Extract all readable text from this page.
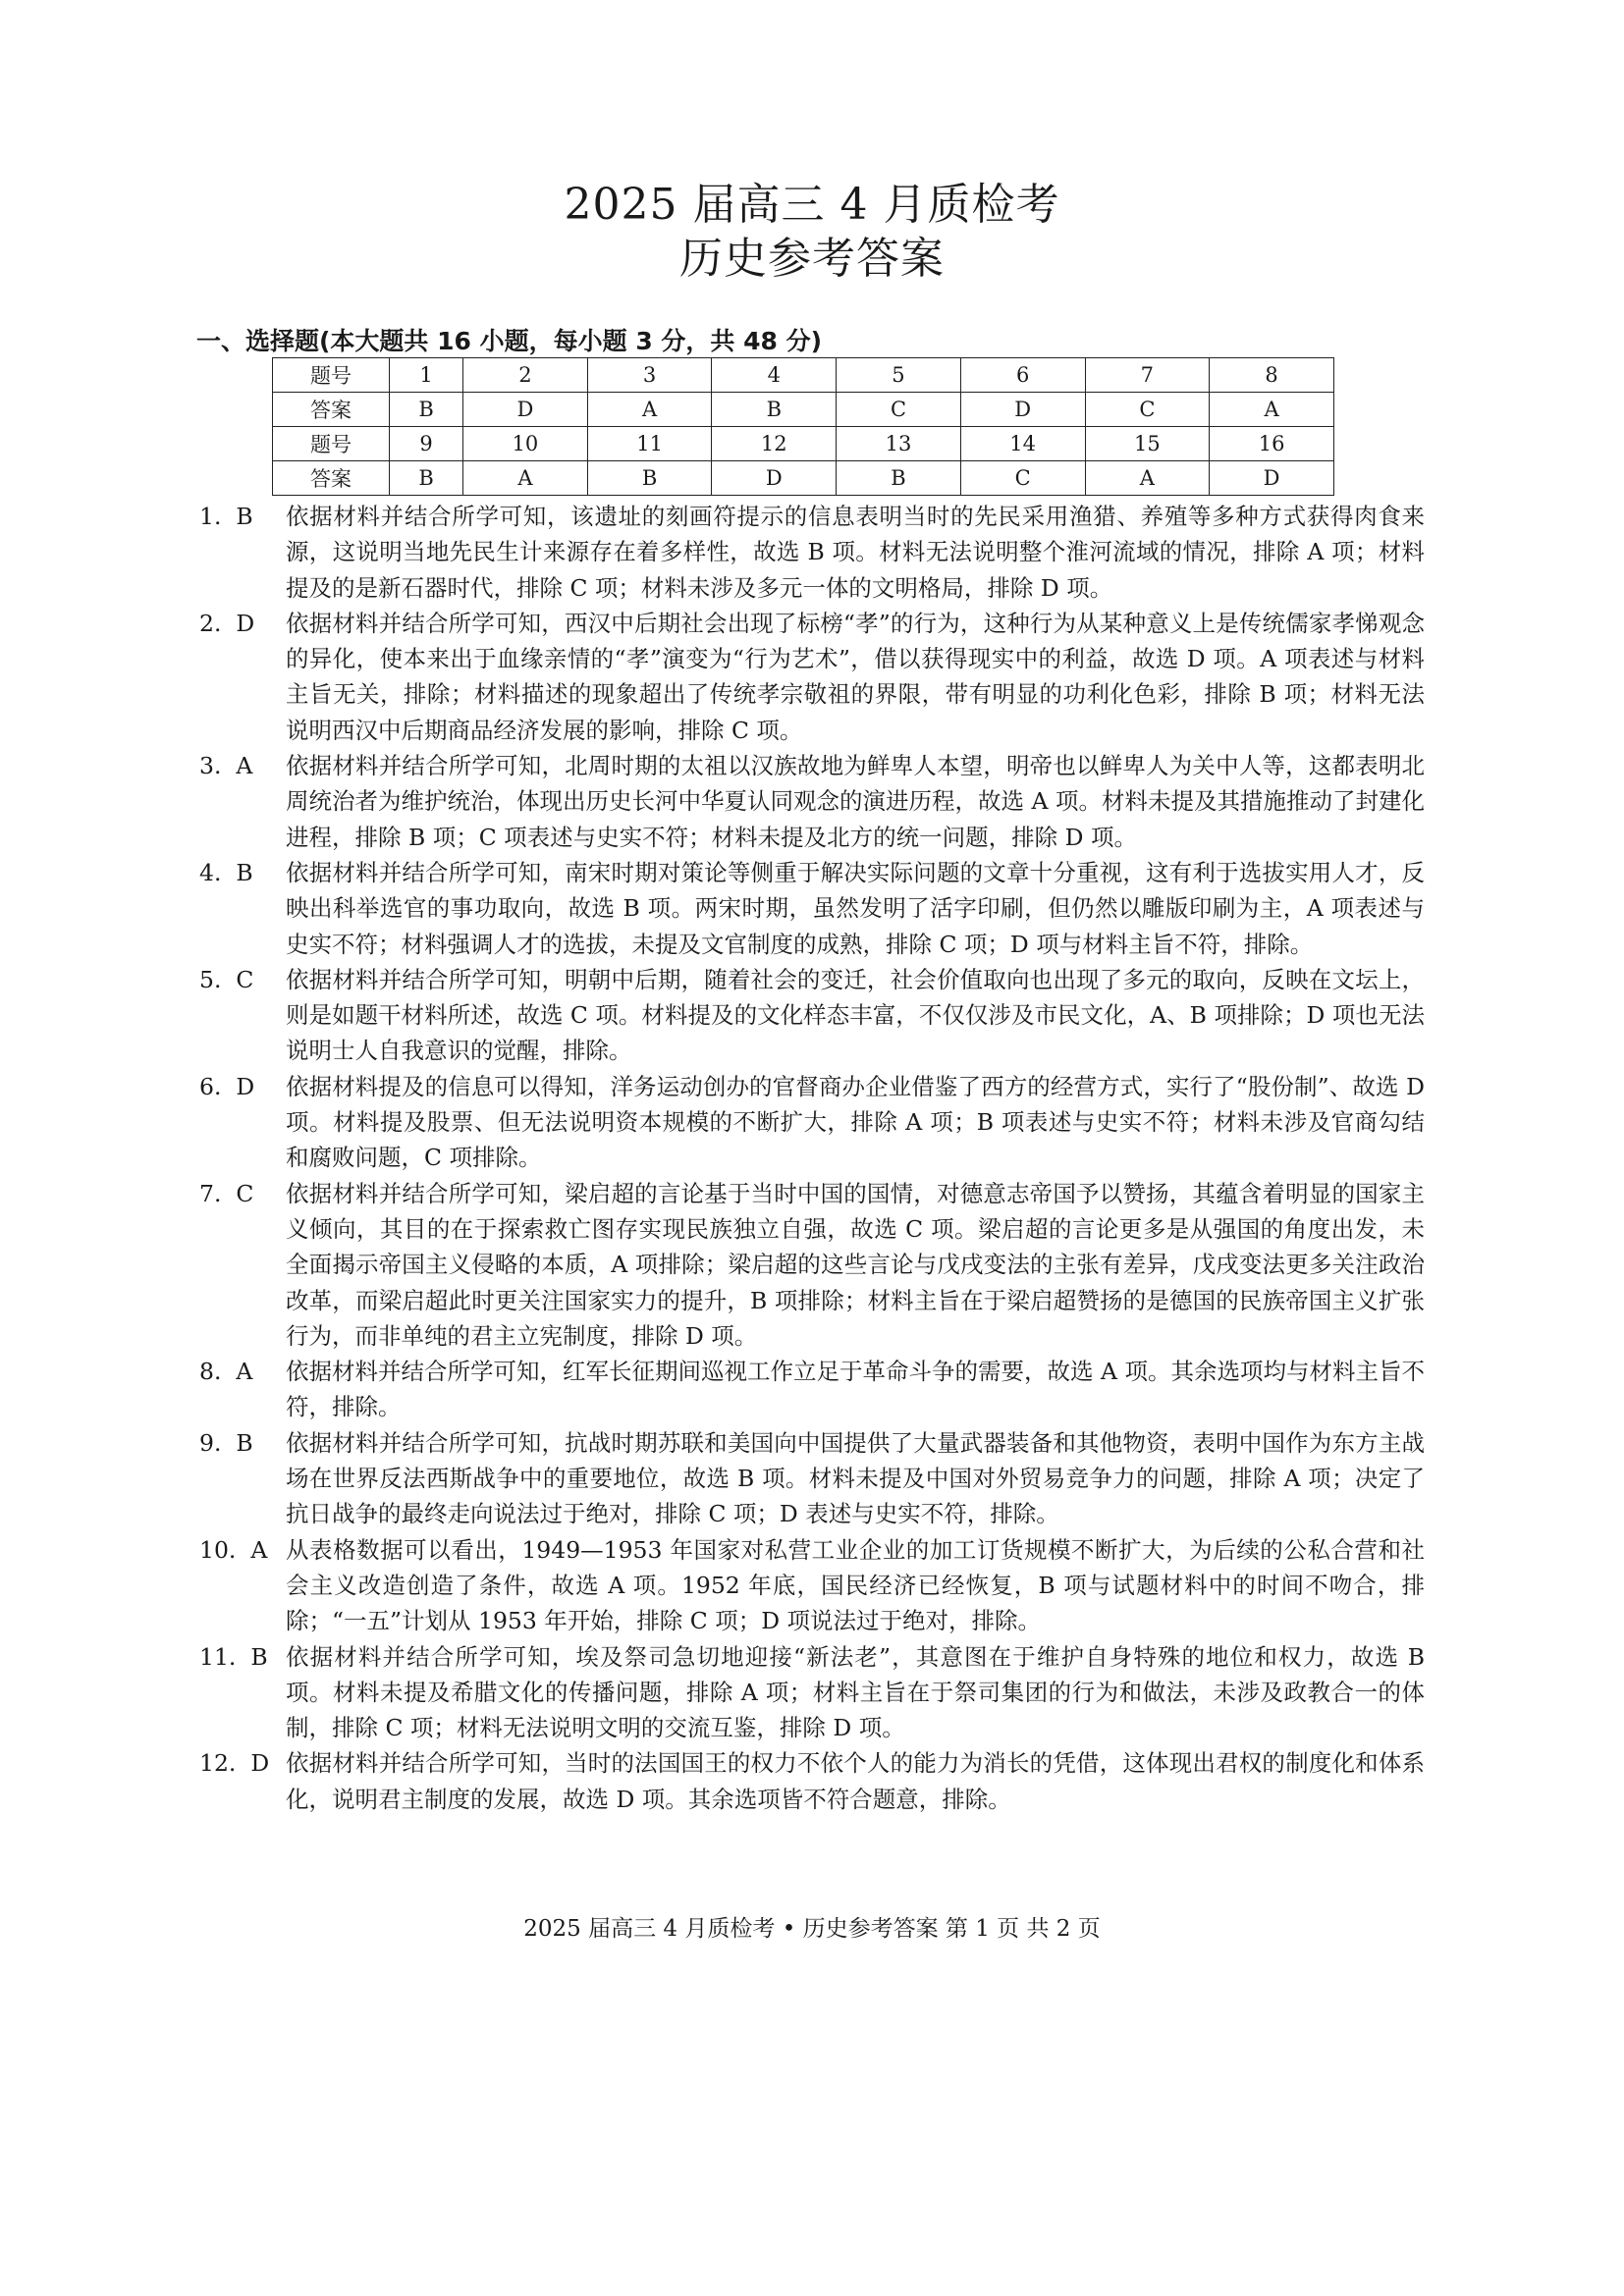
2025 届高三 4 月质检考
历史参考答案
一、选择题(本大题共 16 小题，每小题 3 分，共 48 分)
题号	1	2	3	4	5	6	7	8
答案	B	D	A	B	C	D	C	A
题号	9	10	11	12	13	14	15	16
答案	B	A	B	D	B	C	A	D
1.  B	依据材料并结合所学可知，该遗址的刻画符提示的信息表明当时的先民采用渔猎、养殖等多种方式获得肉食来源，这说明当地先民生计来源存在着多样性，故选 B 项。材料无法说明整个淮河流域的情况，排除 A 项；材料提及的是新石器时代，排除 C 项；材料未涉及多元一体的文明格局，排除 D 项。
2.  D	依据材料并结合所学可知，西汉中后期社会出现了标榜“孝”的行为，这种行为从某种意义上是传统儒家孝悌观念的异化，使本来出于血缘亲情的“孝”演变为“行为艺术”，借以获得现实中的利益，故选 D 项。A 项表述与材料主旨无关，排除；材料描述的现象超出了传统孝宗敬祖的界限，带有明显的功利化色彩，排除 B 项；材料无法说明西汉中后期商品经济发展的影响，排除 C 项。
3.  A	依据材料并结合所学可知，北周时期的太祖以汉族故地为鲜卑人本望，明帝也以鲜卑人为关中人等，这都表明北周统治者为维护统治，体现出历史长河中华夏认同观念的演进历程，故选 A 项。材料未提及其措施推动了封建化进程，排除 B 项；C 项表述与史实不符；材料未提及北方的统一问题，排除 D 项。
4.  B	依据材料并结合所学可知，南宋时期对策论等侧重于解决实际问题的文章十分重视，这有利于选拔实用人才，反映出科举选官的事功取向，故选 B 项。两宋时期，虽然发明了活字印刷，但仍然以雕版印刷为主，A 项表述与史实不符；材料强调人才的选拔，未提及文官制度的成熟，排除 C 项；D 项与材料主旨不符，排除。
5.  C	依据材料并结合所学可知，明朝中后期，随着社会的变迁，社会价值取向也出现了多元的取向，反映在文坛上，则是如题干材料所述，故选 C 项。材料提及的文化样态丰富，不仅仅涉及市民文化，A、B 项排除；D 项也无法说明士人自我意识的觉醒，排除。
6.  D	依据材料提及的信息可以得知，洋务运动创办的官督商办企业借鉴了西方的经营方式，实行了“股份制”、故选 D 项。材料提及股票、但无法说明资本规模的不断扩大，排除 A 项；B 项表述与史实不符；材料未涉及官商勾结和腐败问题，C 项排除。
7.  C	依据材料并结合所学可知，梁启超的言论基于当时中国的国情，对德意志帝国予以赞扬，其蕴含着明显的国家主义倾向，其目的在于探索救亡图存实现民族独立自强，故选 C 项。梁启超的言论更多是从强国的角度出发，未全面揭示帝国主义侵略的本质，A 项排除；梁启超的这些言论与戊戌变法的主张有差异，戊戌变法更多关注政治改革，而梁启超此时更关注国家实力的提升，B 项排除；材料主旨在于梁启超赞扬的是德国的民族帝国主义扩张行为，而非单纯的君主立宪制度，排除 D 项。
8.  A	依据材料并结合所学可知，红军长征期间巡视工作立足于革命斗争的需要，故选 A 项。其余选项均与材料主旨不符，排除。
9.  B	依据材料并结合所学可知，抗战时期苏联和美国向中国提供了大量武器装备和其他物资，表明中国作为东方主战场在世界反法西斯战争中的重要地位，故选 B 项。材料未提及中国对外贸易竞争力的问题，排除 A 项；决定了抗日战争的最终走向说法过于绝对，排除 C 项；D 表述与史实不符，排除。
10.  A 从表格数据可以看出，1949—1953 年国家对私营工业企业的加工订货规模不断扩大，为后续的公私合营和社会主义改造创造了条件，故选 A 项。1952 年底，国民经济已经恢复，B 项与试题材料中的时间不吻合，排除；“一五”计划从 1953 年开始，排除 C 项；D 项说法过于绝对，排除。
11.  B 依据材料并结合所学可知，埃及祭司急切地迎接“新法老”，其意图在于维护自身特殊的地位和权力，故选 B 项。材料未提及希腊文化的传播问题，排除 A 项；材料主旨在于祭司集团的行为和做法，未涉及政教合一的体制，排除 C 项；材料无法说明文明的交流互鉴，排除 D 项。
12.  D 依据材料并结合所学可知，当时的法国国王的权力不依个人的能力为消长的凭借，这体现出君权的制度化和体系化，说明君主制度的发展，故选 D 项。其余选项皆不符合题意，排除。
2025 届高三 4 月质检考 • 历史参考答案 第 1 页 共 2 页
